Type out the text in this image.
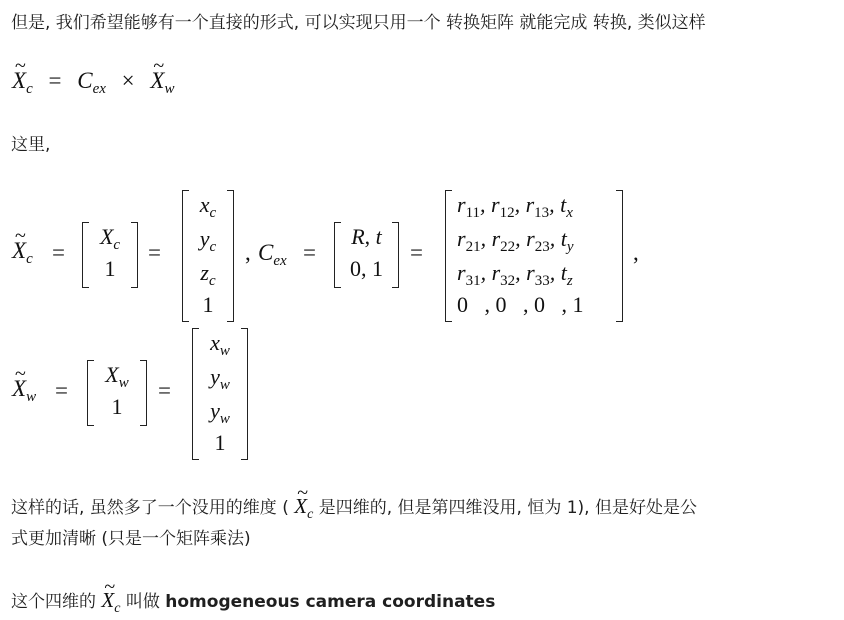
但是, 我们希望能够有一个直接的形式, 可以实现只用一个 转换矩阵 就能完成 转换, 类似这样
~ $X_c = C_{ex}$ × ~ $X_w$
这里,
~ $X_c$ =
$X_c$
1
=
$x_c$
$y_c$
$z_c$
1
, $C_{ex}$ =
R, t
0, 1
=
$r_{11}$, $r_{12}$, $r_{13}$, $t_x$
$r_{21}$, $r_{22}$, $r_{23}$, $t_y$
$r_{31}$, $r_{32}$, $r_{33}$, $t_z$
0   , 0   , 0   , 1
,
~ $X_w$ =
$X_w$
1
=
$x_w$
$y_w$
$y_w$
1
这样的话, 虽然多了一个没用的维度 ( ~ $X_c$ 是四维的, 但是第四维没用, 恒为 1), 但是好处是公
式更加清晰 (只是一个矩阵乘法)
这个四维的 ~ $X_c$ 叫做 homogeneous camera coordinates
